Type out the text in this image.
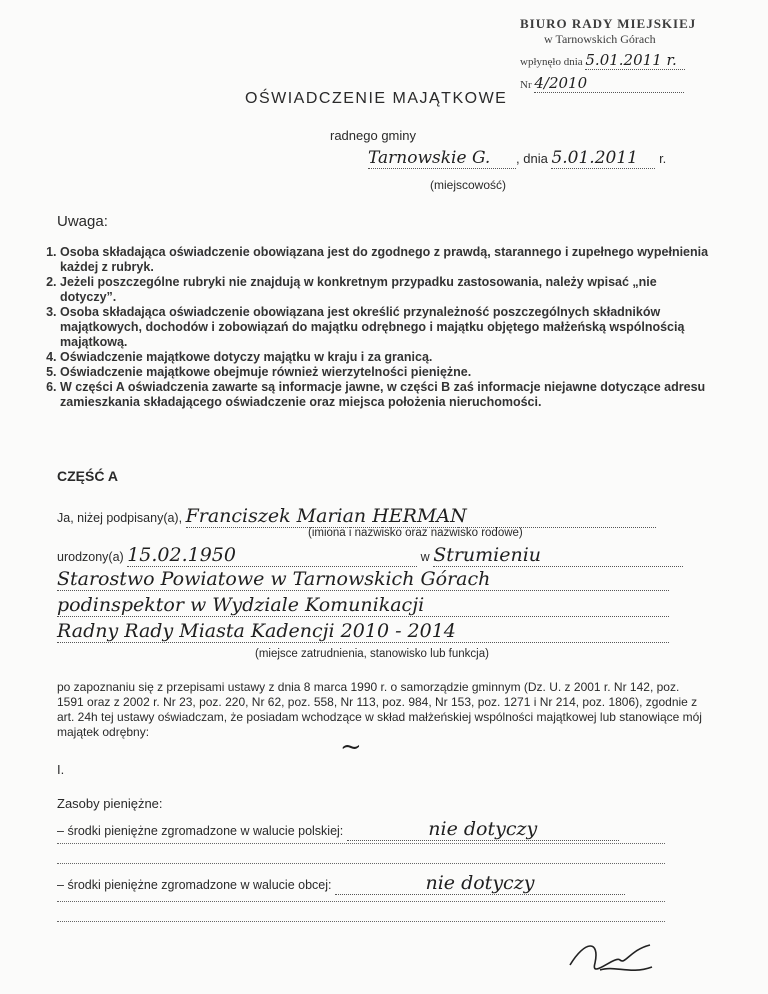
BIURO RADY MIEJSKIEJ
w Tarnowskich Górach
wpłynęło dnia 5.01.2011 r.
Nr 4/2010
OŚWIADCZENIE MAJĄTKOWE
radnego gminy
Tarnowskie G. , dnia 5.01.2011 r.
(miejscowość)
Uwaga:
1. Osoba składająca oświadczenie obowiązana jest do zgodnego z prawdą, starannego i zupełnego wypełnienia każdej z rubryk.
2. Jeżeli poszczególne rubryki nie znajdują w konkretnym przypadku zastosowania, należy wpisać „nie dotyczy”.
3. Osoba składająca oświadczenie obowiązana jest określić przynależność poszczególnych składników majątkowych, dochodów i zobowiązań do majątku odrębnego i majątku objętego małżeńską wspólnością majątkową.
4. Oświadczenie majątkowe dotyczy majątku w kraju i za granicą.
5. Oświadczenie majątkowe obejmuje również wierzytelności pieniężne.
6. W części A oświadczenia zawarte są informacje jawne, w części B zaś informacje niejawne dotyczące adresu zamieszkania składającego oświadczenie oraz miejsca położenia nieruchomości.
CZĘŚĆ A
Ja, niżej podpisany(a), Franciszek Marian HERMAN
(imiona i nazwisko oraz nazwisko rodowe)
urodzony(a) 15.02.1950	w Strumieniu
Starostwo Powiatowe w Tarnowskich Górach
podinspektor w Wydziale Komunikacji
Radny Rady Miasta Kadencji 2010 - 2014
(miejsce zatrudnienia, stanowisko lub funkcja)
po zapoznaniu się z przepisami ustawy z dnia 8 marca 1990 r. o samorządzie gminnym (Dz. U. z 2001 r. Nr 142, poz. 1591 oraz z 2002 r. Nr 23, poz. 220, Nr 62, poz. 558, Nr 113, poz. 984, Nr 153, poz. 1271 i Nr 214, poz. 1806), zgodnie z art. 24h tej ustawy oświadczam, że posiadam wchodzące w skład małżeńskiej wspólności majątkowej lub stanowiące mój majątek odrębny:
I.
~
Zasoby pieniężne:
– środki pieniężne zgromadzone w walucie polskiej:	nie dotyczy
– środki pieniężne zgromadzone w walucie obcej:	nie dotyczy
